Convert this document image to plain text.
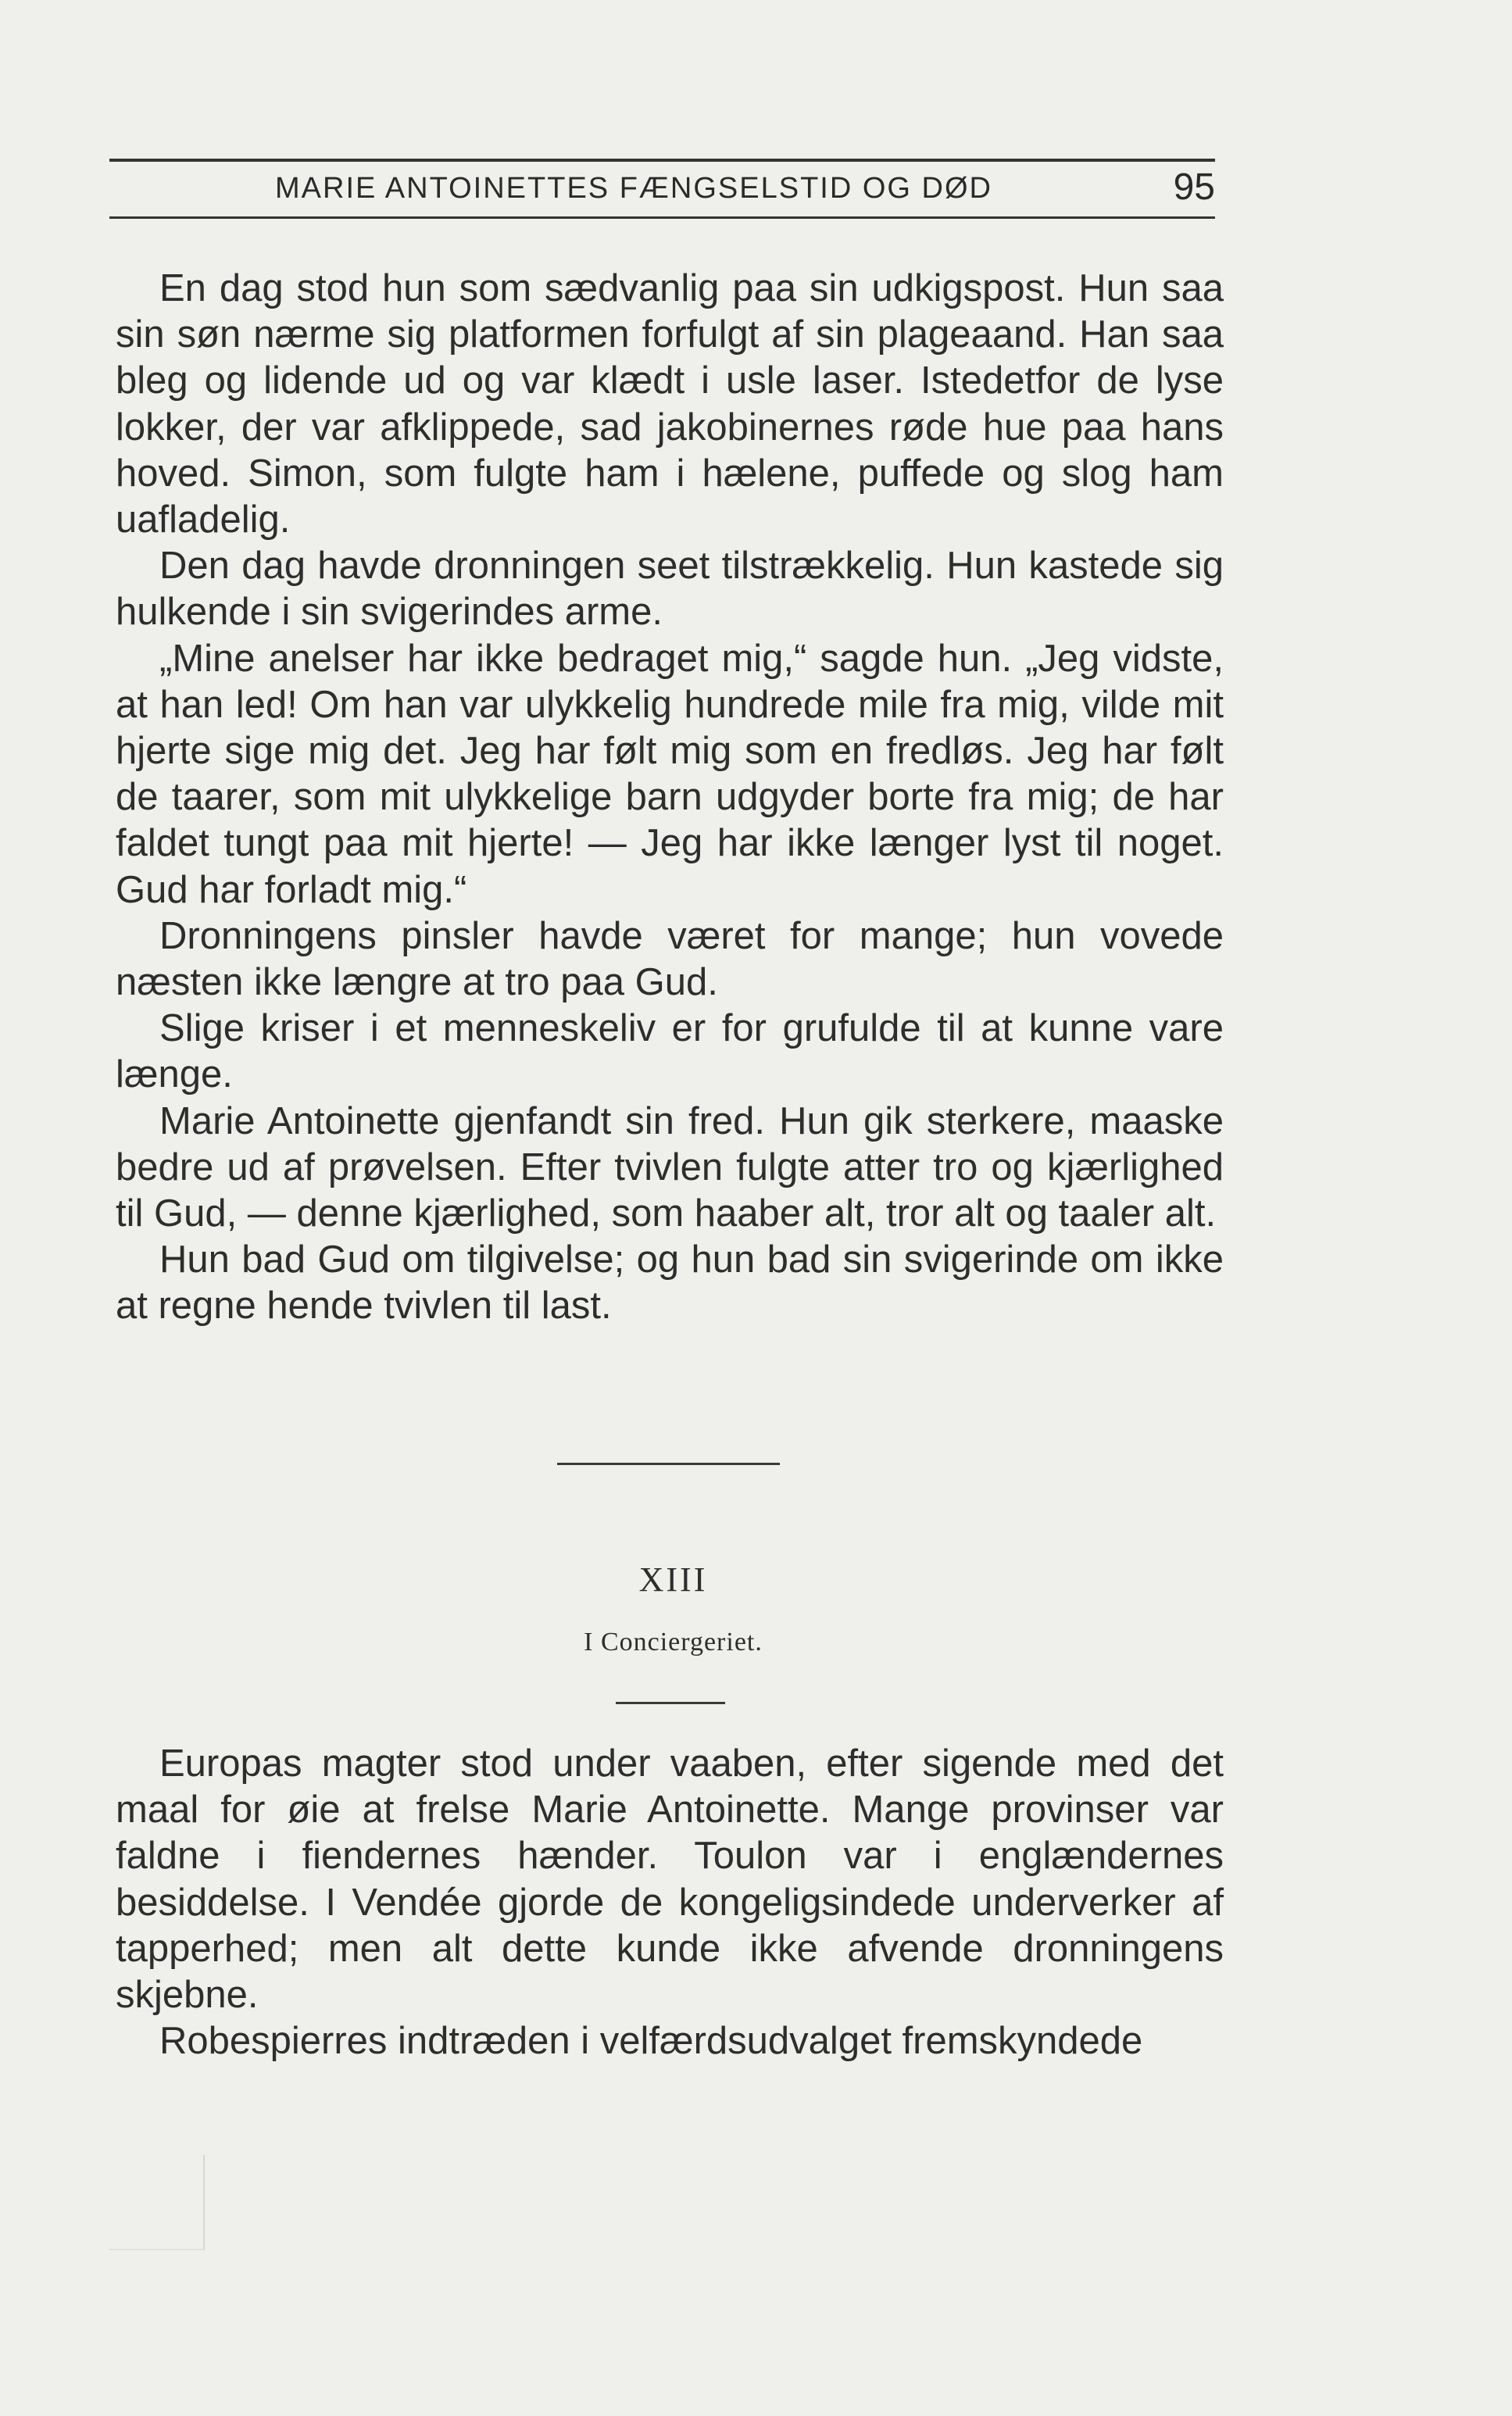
MARIE ANTOINETTES FÆNGSELSTID OG DØD	95

En dag stod hun som sædvanlig paa sin udkigspost. Hun saa sin søn nærme sig platformen forfulgt af sin plageaand. Han saa bleg og lidende ud og var klædt i usle laser. Istedetfor de lyse lokker, der var afklippede, sad jakobinernes røde hue paa hans hoved. Simon, som fulgte ham i hælene, puffede og slog ham uafladelig.

Den dag havde dronningen seet tilstrækkelig. Hun kastede sig hulkende i sin svigerindes arme.

„Mine anelser har ikke bedraget mig,“ sagde hun. „Jeg vidste, at han led! Om han var ulykkelig hundrede mile fra mig, vilde mit hjerte sige mig det. Jeg har følt mig som en fredløs. Jeg har følt de taarer, som mit ulykkelige barn udgyder borte fra mig; de har faldet tungt paa mit hjerte! — Jeg har ikke længer lyst til noget. Gud har forladt mig.“

Dronningens pinsler havde været for mange; hun vovede næsten ikke længre at tro paa Gud.

Slige kriser i et menneskeliv er for grufulde til at kunne vare længe.

Marie Antoinette gjenfandt sin fred. Hun gik sterkere, maaske bedre ud af prøvelsen. Efter tvivlen fulgte atter tro og kjærlighed til Gud, — denne kjærlighed, som haaber alt, tror alt og taaler alt.

Hun bad Gud om tilgivelse; og hun bad sin svigerinde om ikke at regne hende tvivlen til last.

XIII
I Conciergeriet.

Europas magter stod under vaaben, efter sigende med det maal for øie at frelse Marie Antoinette. Mange provinser var faldne i fiendernes hænder. Toulon var i englændernes besiddelse. I Vendée gjorde de kongeligsindede underverker af tapperhed; men alt dette kunde ikke afvende dronningens skjebne.

Robespierres indtræden i velfærdsudvalget fremskyndede
